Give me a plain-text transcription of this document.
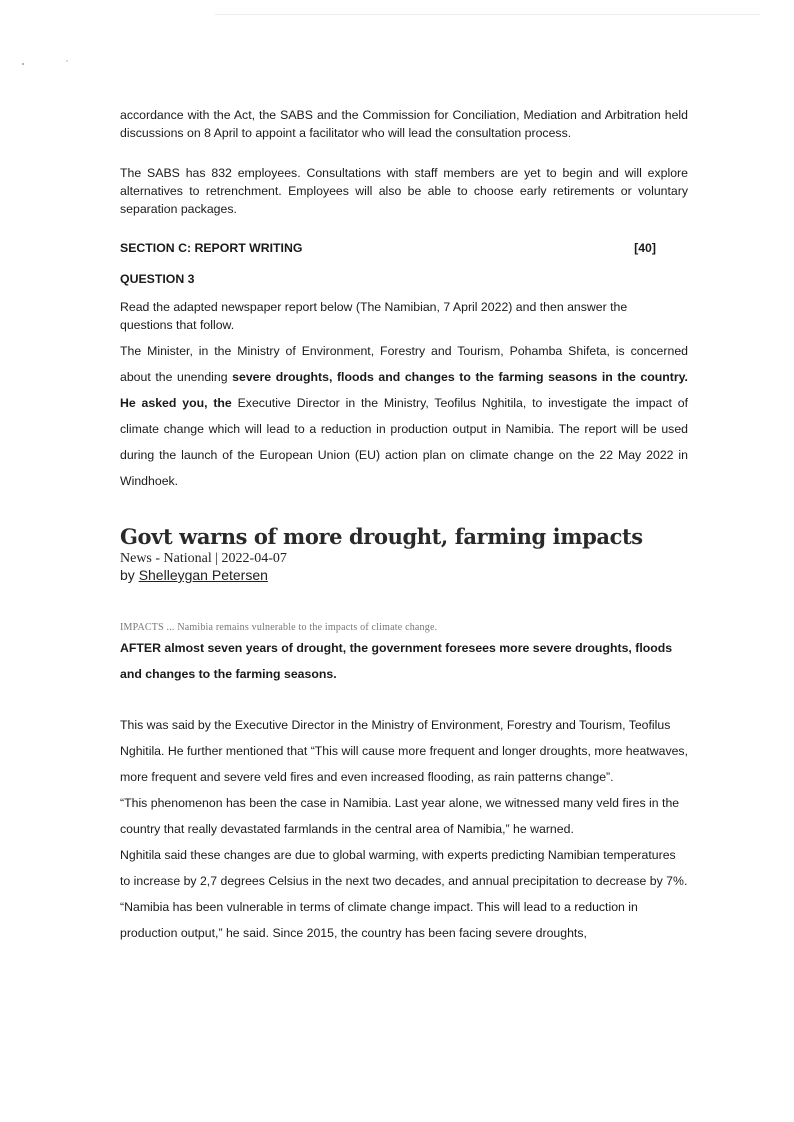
accordance with the Act, the SABS and the Commission for Conciliation, Mediation and Arbitration held discussions on 8 April to appoint a facilitator who will lead the consultation process.

The SABS has 832 employees. Consultations with staff members are yet to begin and will explore alternatives to retrenchment. Employees will also be able to choose early retirements or voluntary separation packages.

SECTION C: REPORT WRITING	[40]

QUESTION 3

Read the adapted newspaper report below (The Namibian, 7 April 2022) and then answer the questions that follow.

The Minister, in the Ministry of Environment, Forestry and Tourism, Pohamba Shifeta, is concerned about the unending severe droughts, floods and changes to the farming seasons in the country. He asked you, the Executive Director in the Ministry, Teofilus Nghitila, to investigate the impact of climate change which will lead to a reduction in production output in Namibia. The report will be used during the launch of the European Union (EU) action plan on climate change on the 22 May 2022 in Windhoek.

Govt warns of more drought, farming impacts

News - National | 2022-04-07

by Shelleygan Petersen

IMPACTS ... Namibia remains vulnerable to the impacts of climate change.

AFTER almost seven years of drought, the government foresees more severe droughts, floods and changes to the farming seasons.

This was said by the Executive Director in the Ministry of Environment, Forestry and Tourism, Teofilus Nghitila. He further mentioned that “This will cause more frequent and longer droughts, more heatwaves, more frequent and severe veld fires and even increased flooding, as rain patterns change”.

“This phenomenon has been the case in Namibia. Last year alone, we witnessed many veld fires in the country that really devastated farmlands in the central area of Namibia,” he warned.

Nghitila said these changes are due to global warming, with experts predicting Namibian temperatures to increase by 2,7 degrees Celsius in the next two decades, and annual precipitation to decrease by 7%. “Namibia has been vulnerable in terms of climate change impact. This will lead to a reduction in production output,” he said. Since 2015, the country has been facing severe droughts,
